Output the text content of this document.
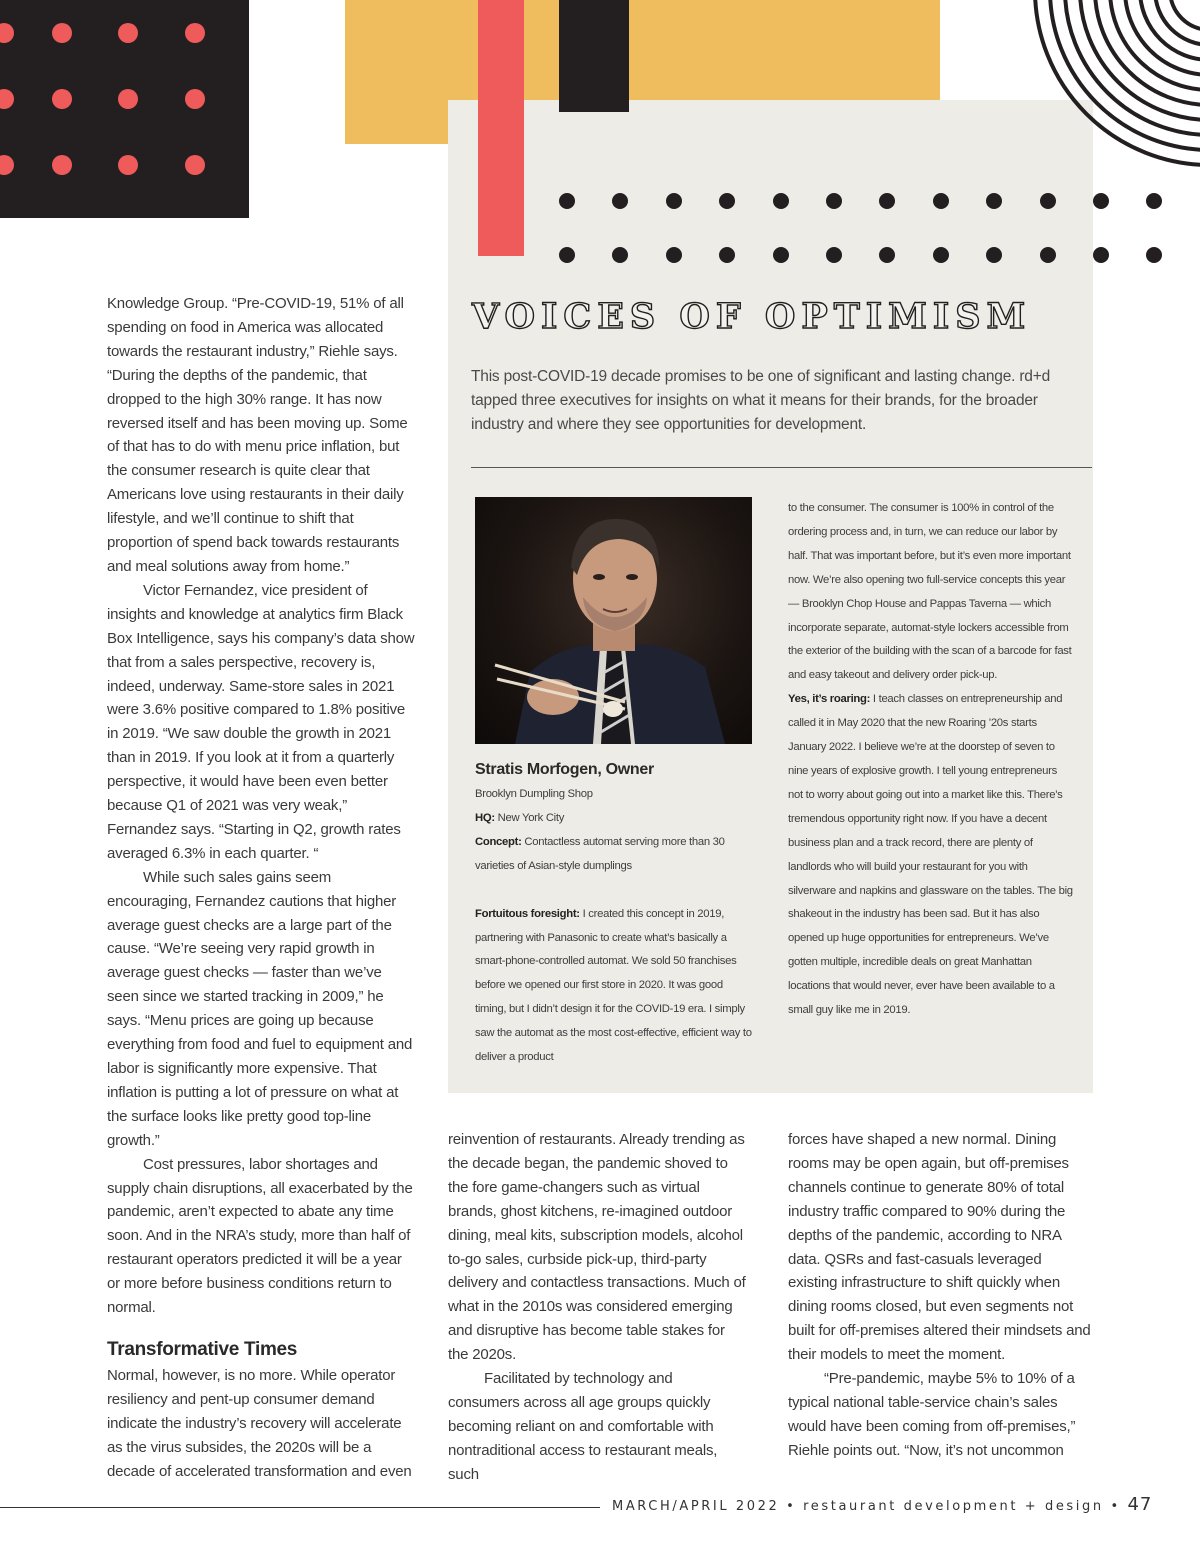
Knowledge Group. “Pre-COVID-19, 51% of all spending on food in America was allocated towards the restaurant industry,” Riehle says. “During the depths of the pandemic, that dropped to the high 30% range. It has now reversed itself and has been moving up. Some of that has to do with menu price inflation, but the consumer research is quite clear that Americans love using restaurants in their daily lifestyle, and we’ll continue to shift that proportion of spend back towards restaurants and meal solutions away from home.”

Victor Fernandez, vice president of insights and knowledge at analytics firm Black Box Intelligence, says his company’s data show that from a sales perspective, recovery is, indeed, underway. Same-store sales in 2021 were 3.6% positive compared to 1.8% positive in 2019. “We saw double the growth in 2021 than in 2019. If you look at it from a quarterly perspective, it would have been even better because Q1 of 2021 was very weak,” Fernandez says. “Starting in Q2, growth rates averaged 6.3% in each quarter. “

While such sales gains seem encouraging, Fernandez cautions that higher average guest checks are a large part of the cause. “We’re seeing very rapid growth in average guest checks — faster than we’ve seen since we started tracking in 2009,” he says. “Menu prices are going up because everything from food and fuel to equipment and labor is significantly more expensive. That inflation is putting a lot of pressure on what at the surface looks like pretty good top-line growth.”

Cost pressures, labor shortages and supply chain disruptions, all exacerbated by the pandemic, aren’t expected to abate any time soon. And in the NRA’s study, more than half of restaurant operators predicted it will be a year or more before business conditions return to normal.

Transformative Times

Normal, however, is no more. While operator resiliency and pent-up consumer demand indicate the industry’s recovery will accelerate as the virus subsides, the 2020s will be a decade of accelerated transformation and even

VOICES OF OPTIMISM

This post-COVID-19 decade promises to be one of significant and lasting change. rd+d tapped three executives for insights on what it means for their brands, for the broader industry and where they see opportunities for development.

Stratis Morfogen, Owner

Brooklyn Dumpling Shop

HQ: New York City

Concept: Contactless automat serving more than 30 varieties of Asian-style dumplings

Fortuitous foresight: I created this concept in 2019, partnering with Panasonic to create what’s basically a smart-phone-controlled automat. We sold 50 franchises before we opened our first store in 2020. It was good timing, but I didn’t design it for the COVID-19 era. I simply saw the automat as the most cost-effective, efficient way to deliver a product

to the consumer. The consumer is 100% in control of the ordering process and, in turn, we can reduce our labor by half. That was important before, but it’s even more important now. We’re also opening two full-service concepts this year — Brooklyn Chop House and Pappas Taverna — which incorporate separate, automat-style lockers accessible from the exterior of the building with the scan of a barcode for fast and easy takeout and delivery order pick-up.

Yes, it’s roaring: I teach classes on entrepreneurship and called it in May 2020 that the new Roaring ’20s starts January 2022. I believe we’re at the doorstep of seven to nine years of explosive growth. I tell young entrepreneurs not to worry about going out into a market like this. There’s tremendous opportunity right now. If you have a decent business plan and a track record, there are plenty of landlords who will build your restaurant for you with silverware and napkins and glassware on the tables. The big shakeout in the industry has been sad. But it has also opened up huge opportunities for entrepreneurs. We’ve gotten multiple, incredible deals on great Manhattan locations that would never, ever have been available to a small guy like me in 2019.

reinvention of restaurants. Already trending as the decade began, the pandemic shoved to the fore game-changers such as virtual brands, ghost kitchens, re-imagined outdoor dining, meal kits, subscription models, alcohol to-go sales, curbside pick-up, third-party delivery and contactless transactions. Much of what in the 2010s was considered emerging and disruptive has become table stakes for the 2020s.

Facilitated by technology and consumers across all age groups quickly becoming reliant on and comfortable with nontraditional access to restaurant meals, such

forces have shaped a new normal. Dining rooms may be open again, but off-premises channels continue to generate 80% of total industry traffic compared to 90% during the depths of the pandemic, according to NRA data. QSRs and fast-casuals leveraged existing infrastructure to shift quickly when dining rooms closed, but even segments not built for off-premises altered their mindsets and their models to meet the moment.

“Pre-pandemic, maybe 5% to 10% of a typical national table-service chain’s sales would have been coming from off-premises,” Riehle points out. “Now, it’s not uncommon

MARCH/APRIL 2022 • restaurant development + design • 47
